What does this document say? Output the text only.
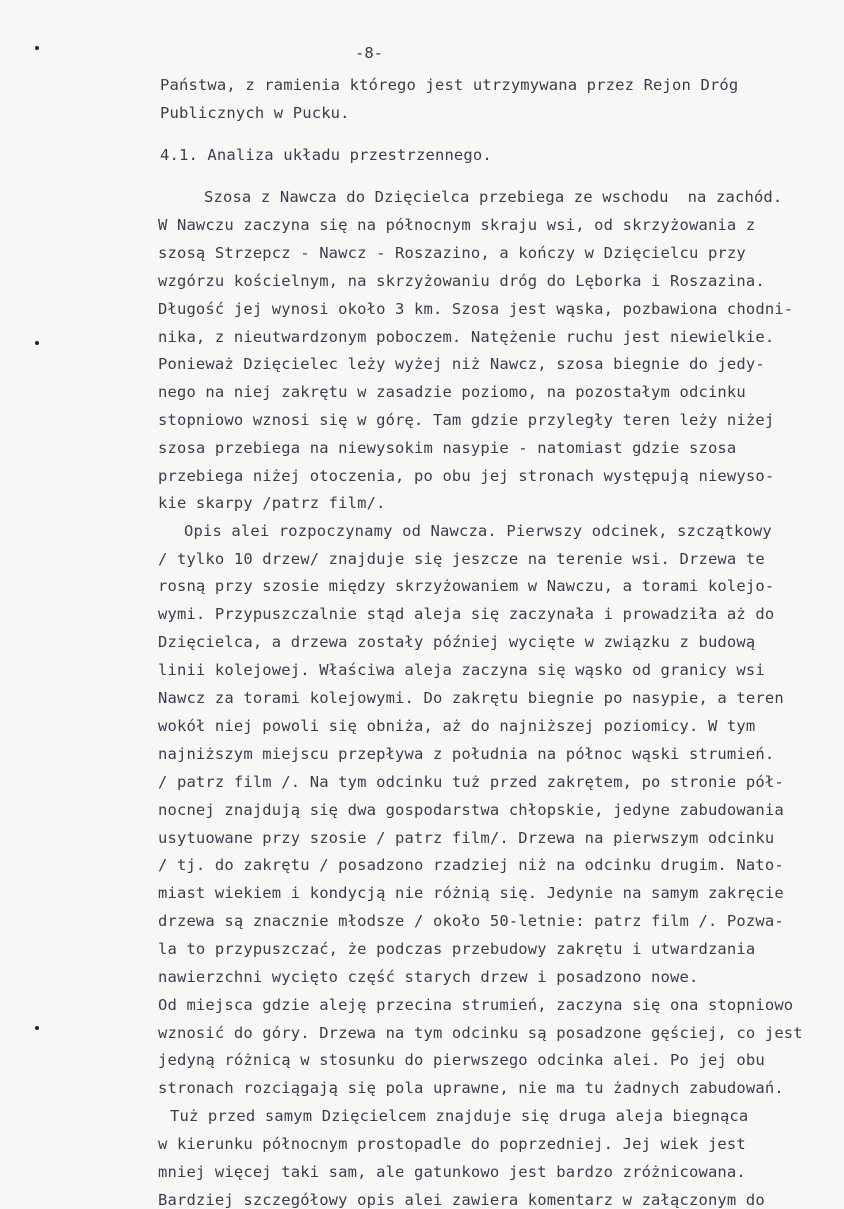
-8-
Państwa, z ramienia którego jest utrzymywana przez Rejon Dróg
Publicznych w Pucku.
4.1. Analiza układu przestrzennego.
Szosa z Nawcza do Dzięcielca przebiega ze wschodu  na zachód.
W Nawczu zaczyna się na północnym skraju wsi, od skrzyżowania z
szosą Strzepcz - Nawcz - Roszazino, a kończy w Dzięcielcu przy
wzgórzu kościelnym, na skrzyżowaniu dróg do Lęborka i Roszazina.
Długość jej wynosi około 3 km. Szosa jest wąska, pozbawiona chodni-
nika, z nieutwardzonym poboczem. Natężenie ruchu jest niewielkie.
Ponieważ Dzięcielec leży wyżej niż Nawcz, szosa biegnie do jedy-
nego na niej zakrętu w zasadzie poziomo, na pozostałym odcinku
stopniowo wznosi się w górę. Tam gdzie przyległy teren leży niżej
szosa przebiega na niewysokim nasypie - natomiast gdzie szosa
przebiega niżej otoczenia, po obu jej stronach występują niewyso-
kie skarpy /patrz film/.
Opis alei rozpoczynamy od Nawcza. Pierwszy odcinek, szczątkowy
/ tylko 10 drzew/ znajduje się jeszcze na terenie wsi. Drzewa te
rosną przy szosie między skrzyżowaniem w Nawczu, a torami kolejo-
wymi. Przypuszczalnie stąd aleja się zaczynała i prowadziła aż do
Dzięcielca, a drzewa zostały później wycięte w związku z budową
linii kolejowej. Właściwa aleja zaczyna się wąsko od granicy wsi
Nawcz za torami kolejowymi. Do zakrętu biegnie po nasypie, a teren
wokół niej powoli się obniża, aż do najniższej poziomicy. W tym
najniższym miejscu przepływa z południa na północ wąski strumień.
/ patrz film /. Na tym odcinku tuż przed zakrętem, po stronie pół-
nocnej znajdują się dwa gospodarstwa chłopskie, jedyne zabudowania
usytuowane przy szosie / patrz film/. Drzewa na pierwszym odcinku
/ tj. do zakrętu / posadzono rzadziej niż na odcinku drugim. Nato-
miast wiekiem i kondycją nie różnią się. Jedynie na samym zakręcie
drzewa są znacznie młodsze / około 50-letnie: patrz film /. Pozwa-
la to przypuszczać, że podczas przebudowy zakrętu i utwardzania
nawierzchni wycięto część starych drzew i posadzono nowe.
Od miejsca gdzie aleję przecina strumień, zaczyna się ona stopniowo
wznosić do góry. Drzewa na tym odcinku są posadzone gęściej, co jest
jedyną różnicą w stosunku do pierwszego odcinka alei. Po jej obu
stronach rozciągają się pola uprawne, nie ma tu żadnych zabudowań.
Tuż przed samym Dzięcielcem znajduje się druga aleja biegnąca
w kierunku północnym prostopadle do poprzedniej. Jej wiek jest
mniej więcej taki sam, ale gatunkowo jest bardzo zróżnicowana.
Bardziej szczegółowy opis alei zawiera komentarz w załączonym do
